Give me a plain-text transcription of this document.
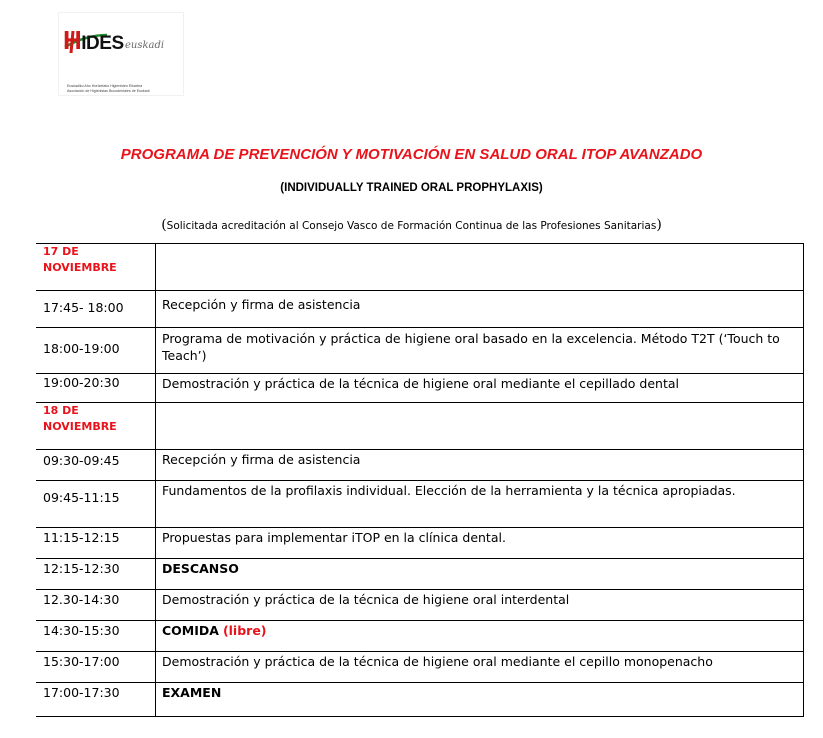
HIDES euskadi
Euskadiko Aho Hortzetako Higienisten Elkartea
Asociación de Higienistas Bucodentales de Euskadi
PROGRAMA DE PREVENCIÓN Y MOTIVACIÓN EN SALUD ORAL ITOP AVANZADO
(INDIVIDUALLY TRAINED ORAL PROPHYLAXIS)
(Solicitada acreditación al Consejo Vasco de Formación Continua de las Profesiones Sanitarias)
17 DE NOVIEMBRE	

17:45- 18:00	Recepción y firma de asistencia

18:00-19:00	Programa de motivación y práctica de higiene oral basado en la excelencia. Método T2T (‘Touch to Teach’)

19:00-20:30	Demostración y práctica de la técnica de higiene oral mediante el cepillado dental
18 DE NOVIEMBRE	

09:30-09:45	Recepción y firma de asistencia

09:45-11:15	Fundamentos de la profilaxis individual. Elección de la herramienta y la técnica apropiadas.

11:15-12:15	Propuestas para implementar iTOP en la clínica dental.

12:15-12:30	DESCANSO

12.30-14:30	Demostración y práctica de la técnica de higiene oral interdental

14:30-15:30	COMIDA (libre)

15:30-17:00	Demostración y práctica de la técnica de higiene oral mediante el cepillo monopenacho

17:00-17:30	EXAMEN
